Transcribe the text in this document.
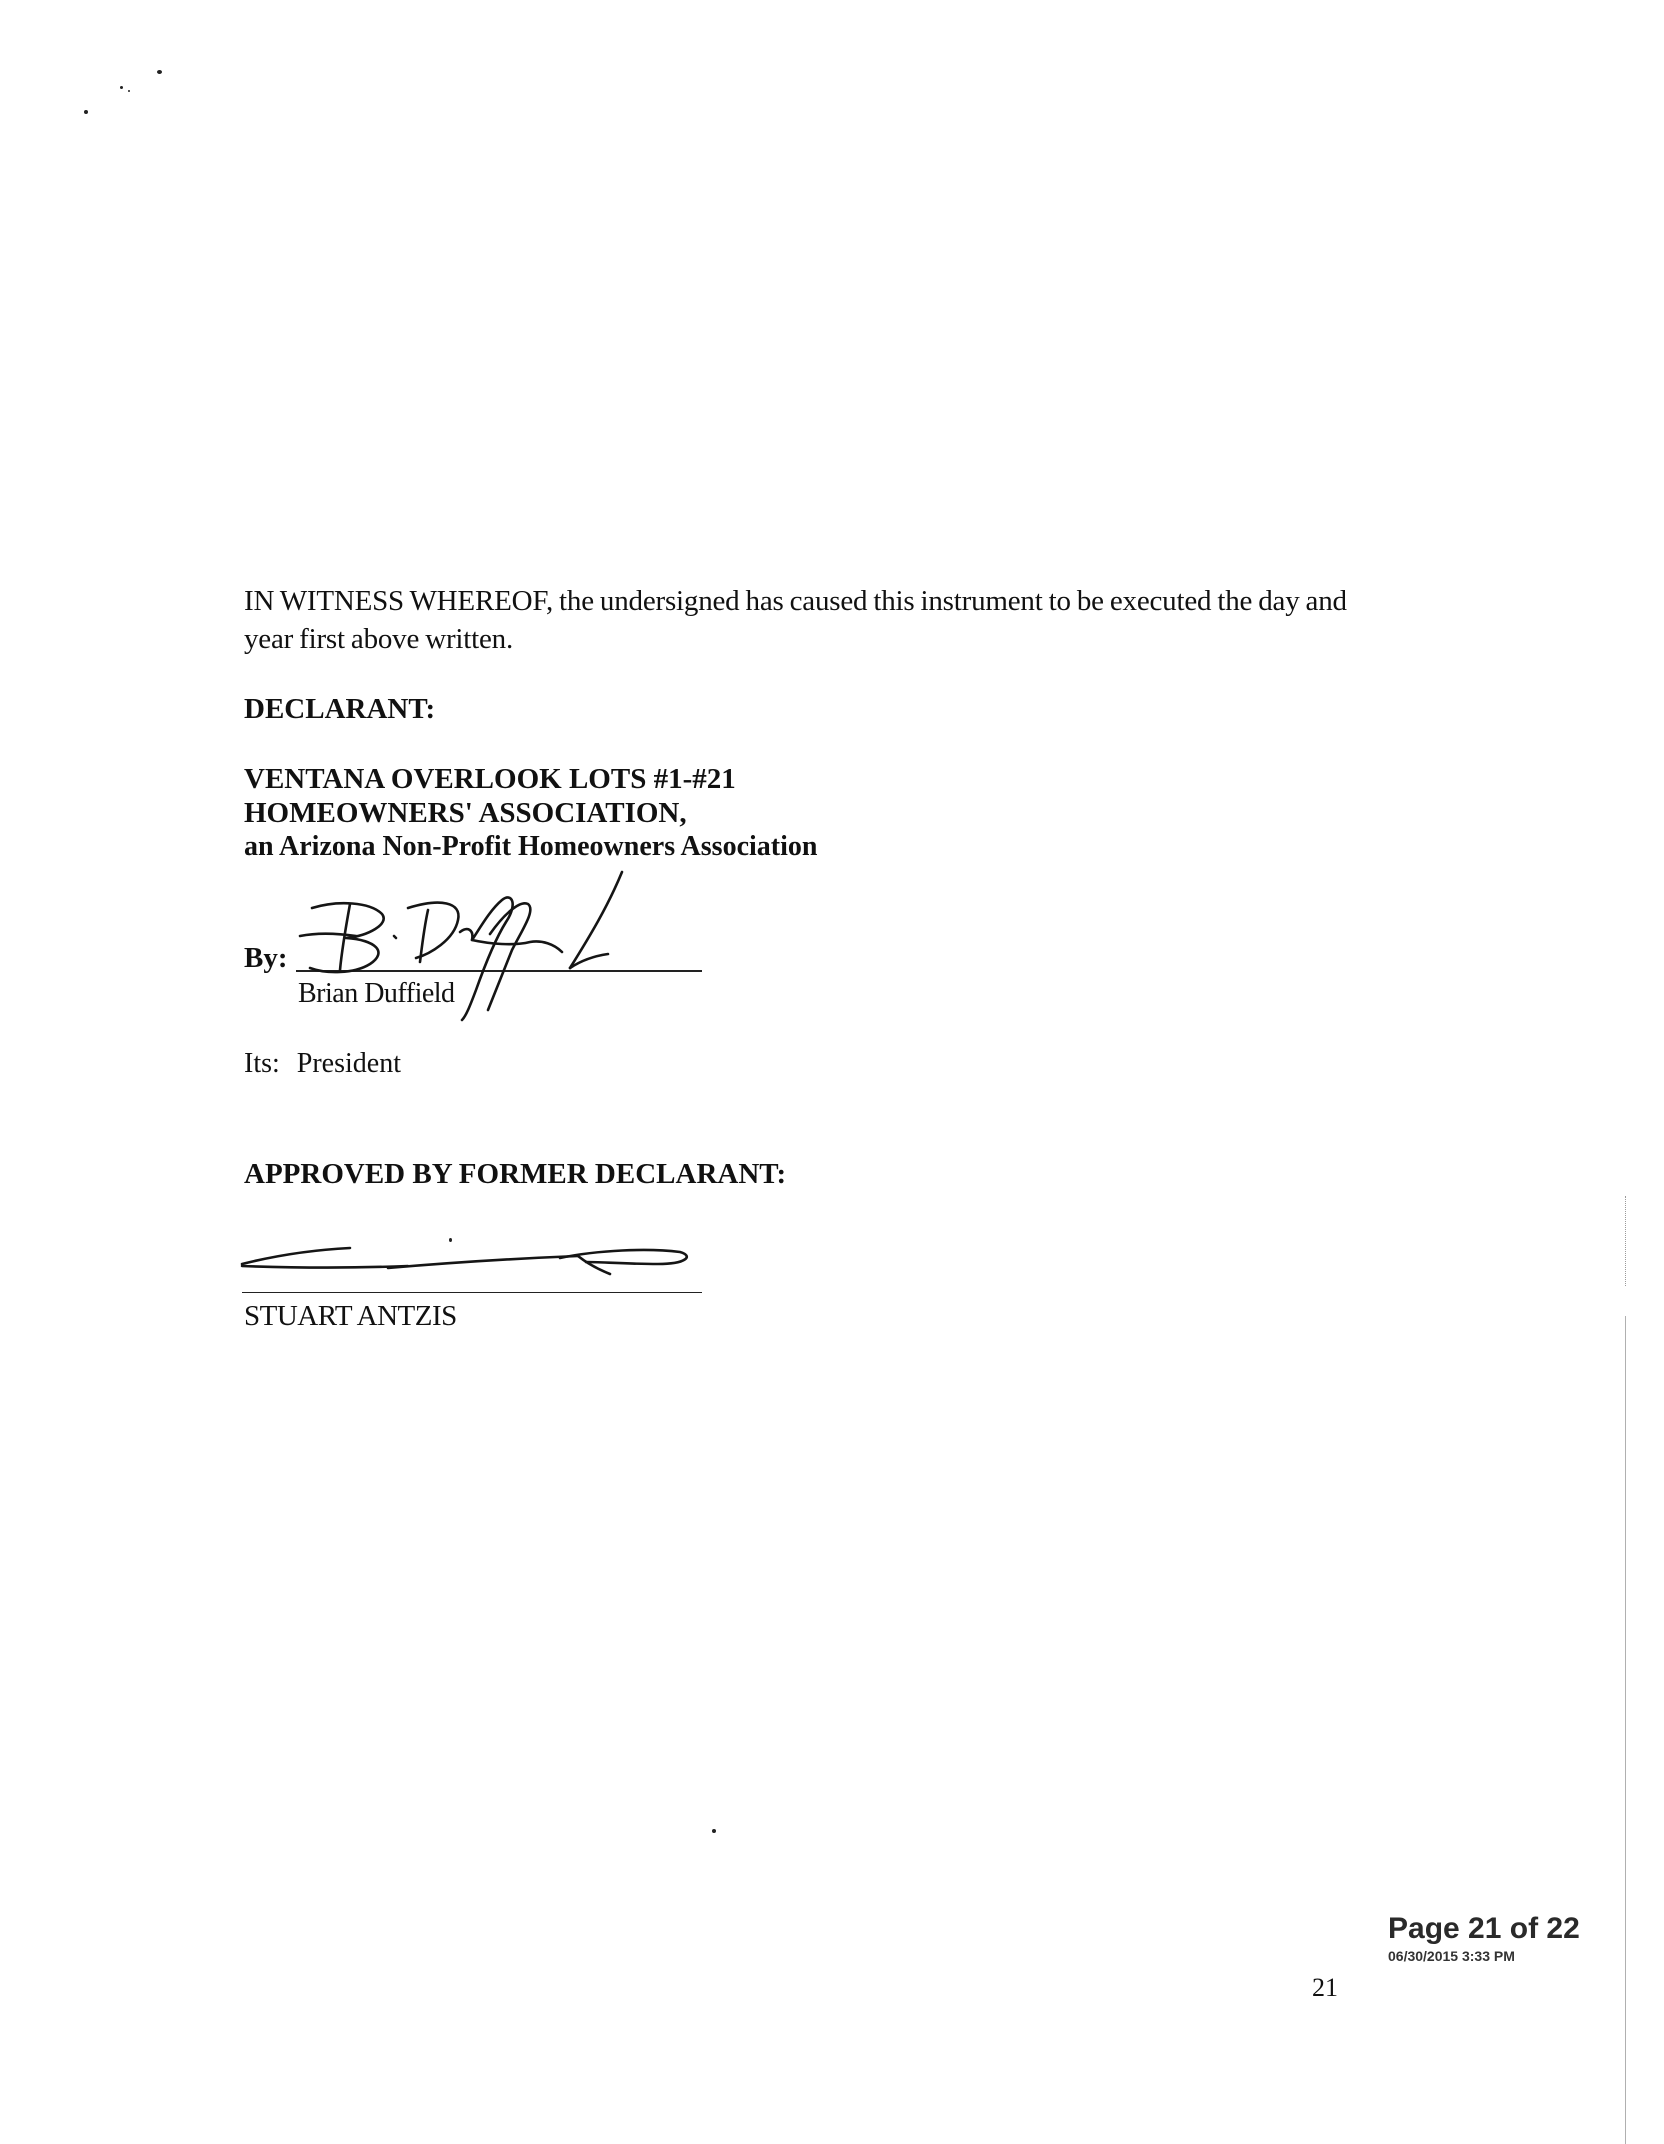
IN WITNESS WHEREOF, the undersigned has caused this instrument to be executed the day and year first above written.
DECLARANT:
VENTANA OVERLOOK LOTS #1-#21
HOMEOWNERS' ASSOCIATION,
an Arizona Non-Profit Homeowners Association
By:
Brian Duffield
Its: President
APPROVED BY FORMER DECLARANT:
STUART ANTZIS
Page 21 of 22
06/30/2015 3:33 PM
21
